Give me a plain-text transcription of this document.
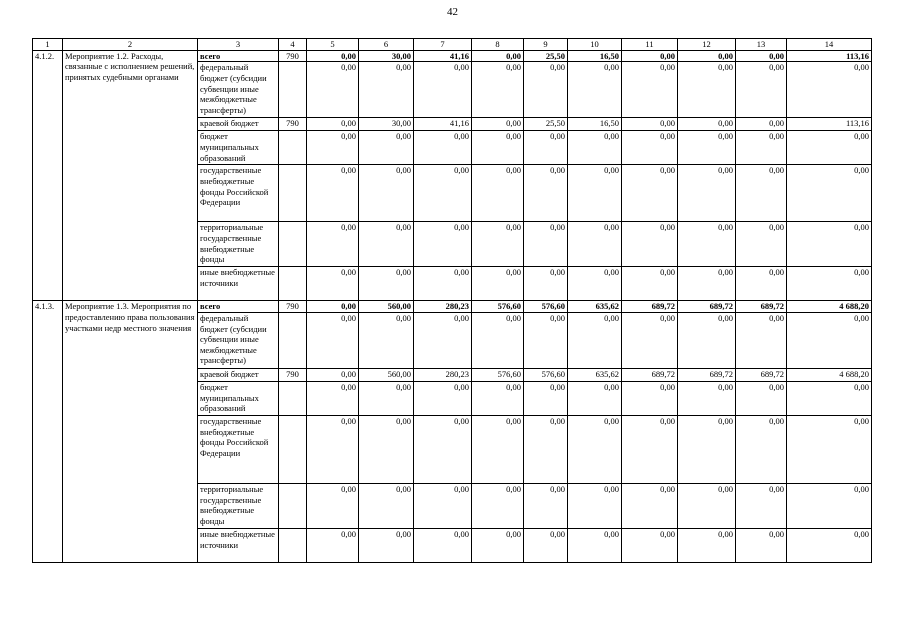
42
1	2	3	4	5	6	7	8	9	10	11	12	13	14
4.1.2.	Мероприятие 1.2. Расходы, связанные с исполнением решений, принятых судебными органами	всего	790	0,00	30,00	41,16	0,00	25,50	16,50	0,00	0,00	0,00	113,16
		федеральный бюджет (субсидии субвенции иные межбюджетные трансферты)		0,00	0,00	0,00	0,00	0,00	0,00	0,00	0,00	0,00	0,00
		краевой бюджет	790	0,00	30,00	41,16	0,00	25,50	16,50	0,00	0,00	0,00	113,16
		бюджет муниципальных образований		0,00	0,00	0,00	0,00	0,00	0,00	0,00	0,00	0,00	0,00
		государственные внебюджетные фонды Российской Федерации		0,00	0,00	0,00	0,00	0,00	0,00	0,00	0,00	0,00	0,00
		территориальные государственные внебюджетные фонды		0,00	0,00	0,00	0,00	0,00	0,00	0,00	0,00	0,00	0,00
		иные внебюджетные источники		0,00	0,00	0,00	0,00	0,00	0,00	0,00	0,00	0,00	0,00
4.1.3.	Мероприятие 1.3. Мероприятия по предоставлению права пользования участками недр местного значения	всего	790	0,00	560,00	280,23	576,60	576,60	635,62	689,72	689,72	689,72	4 688,20
		федеральный бюджет (субсидии субвенции иные межбюджетные трансферты)		0,00	0,00	0,00	0,00	0,00	0,00	0,00	0,00	0,00	0,00
		краевой бюджет	790	0,00	560,00	280,23	576,60	576,60	635,62	689,72	689,72	689,72	4 688,20
		бюджет муниципальных образований		0,00	0,00	0,00	0,00	0,00	0,00	0,00	0,00	0,00	0,00
		государственные внебюджетные фонды Российской Федерации		0,00	0,00	0,00	0,00	0,00	0,00	0,00	0,00	0,00	0,00
		территориальные государственные внебюджетные фонды		0,00	0,00	0,00	0,00	0,00	0,00	0,00	0,00	0,00	0,00
		иные внебюджетные источники		0,00	0,00	0,00	0,00	0,00	0,00	0,00	0,00	0,00	0,00
